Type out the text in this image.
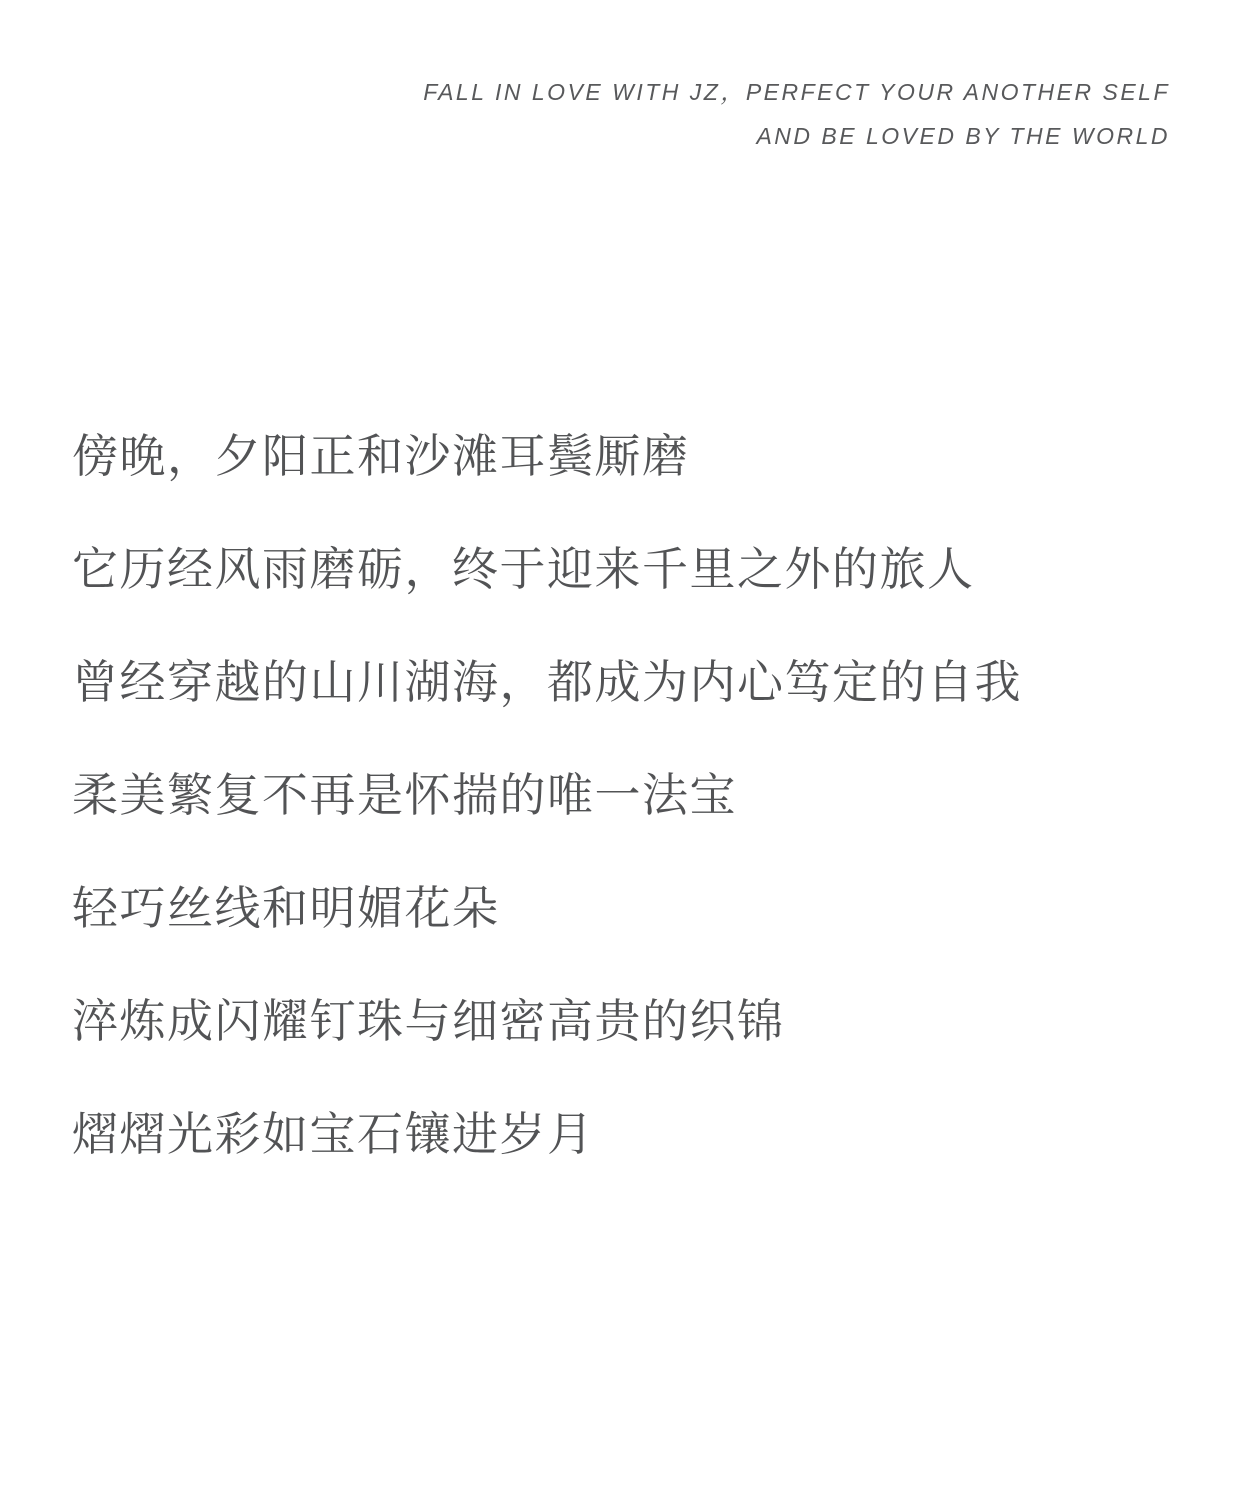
FALL IN LOVE WITH JZ，PERFECT YOUR ANOTHER SELF
AND BE LOVED BY THE WORLD
傍晚，夕阳正和沙滩耳鬓厮磨
它历经风雨磨砺，终于迎来千里之外的旅人
曾经穿越的山川湖海，都成为内心笃定的自我
柔美繁复不再是怀揣的唯一法宝
轻巧丝线和明媚花朵
淬炼成闪耀钉珠与细密高贵的织锦
熠熠光彩如宝石镶进岁月
